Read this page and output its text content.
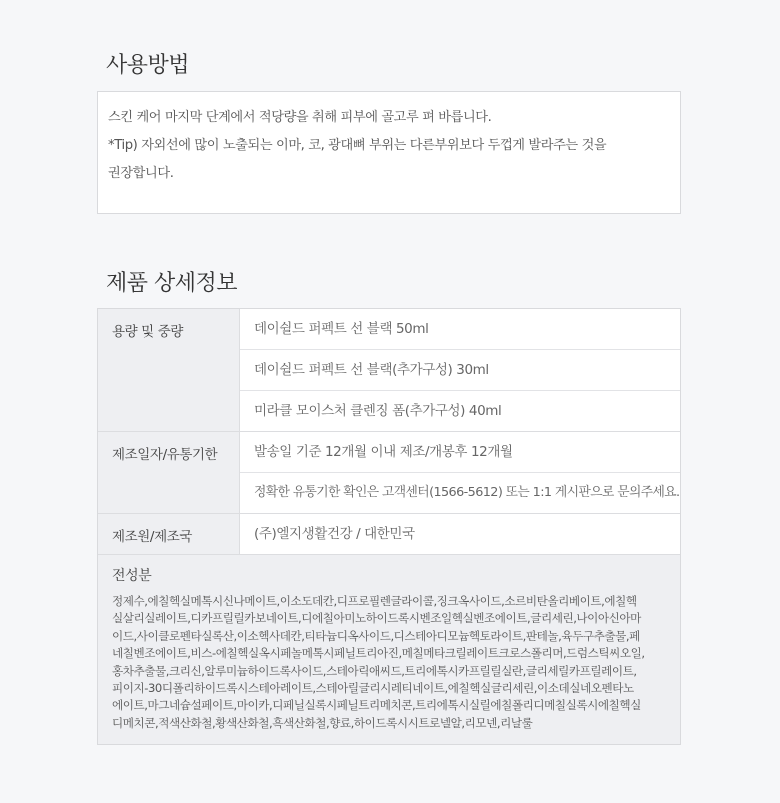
사용방법

스킨 케어 마지막 단계에서 적당량을 취해 피부에 골고루 펴 바릅니다.

*Tip) 자외선에 많이 노출되는 이마, 코, 광대뼈 부위는 다른부위보다 두껍게 발라주는 것을

권장합니다.

제품 상세정보
용량 및 중량	데이쉴드 퍼펙트 선 블랙 50ml
데이쉴드 퍼펙트 선 블랙(추가구성) 30ml
미라클 모이스처 클렌징 폼(추가구성) 40ml
제조일자/유통기한	발송일 기준 12개월 이내 제조/개봉후 12개월
정확한 유통기한 확인은 고객센터(1566-5612) 또는 1:1 게시판으로 문의주세요.
제조원/제조국	(주)엘지생활건강 / 대한민국
전성분
정제수,에칠헥실메톡시신나메이트,이소도데칸,디프로필렌글라이콜,징크옥사이드,소르비탄올리베이트,에칠헥
실살리실레이트,디카프릴릴카보네이트,디에칠아미노하이드록시벤조일헥실벤조에이트,글리세린,나이아신아마
이드,사이클로펜타실록산,이소헥사데칸,티타늄디옥사이드,디스테아디모늄헥토라이트,판테놀,육두구추출물,페
네칠벤조에이트,비스-에칠헥실옥시페놀메톡시페닐트리아진,메칠메타크릴레이트크로스폴리머,드럼스틱씨오일,
홍차추출물,크리신,알루미늄하이드록사이드,스테아릭애씨드,트리에톡시카프릴릴실란,글리세릴카프릴레이트,
피이지-30디폴리하이드록시스테아레이트,스테아릴글리시레티네이트,에칠헥실글리세린,이소데실네오펜타노
에이트,마그네슘설페이트,마이카,디페닐실록시페닐트리메치콘,트리에톡시실릴에칠폴리디메칠실록시에칠헥실
디메치콘,적색산화철,황색산화철,흑색산화철,향료,하이드록시시트로넬알,리모넨,리날룰
